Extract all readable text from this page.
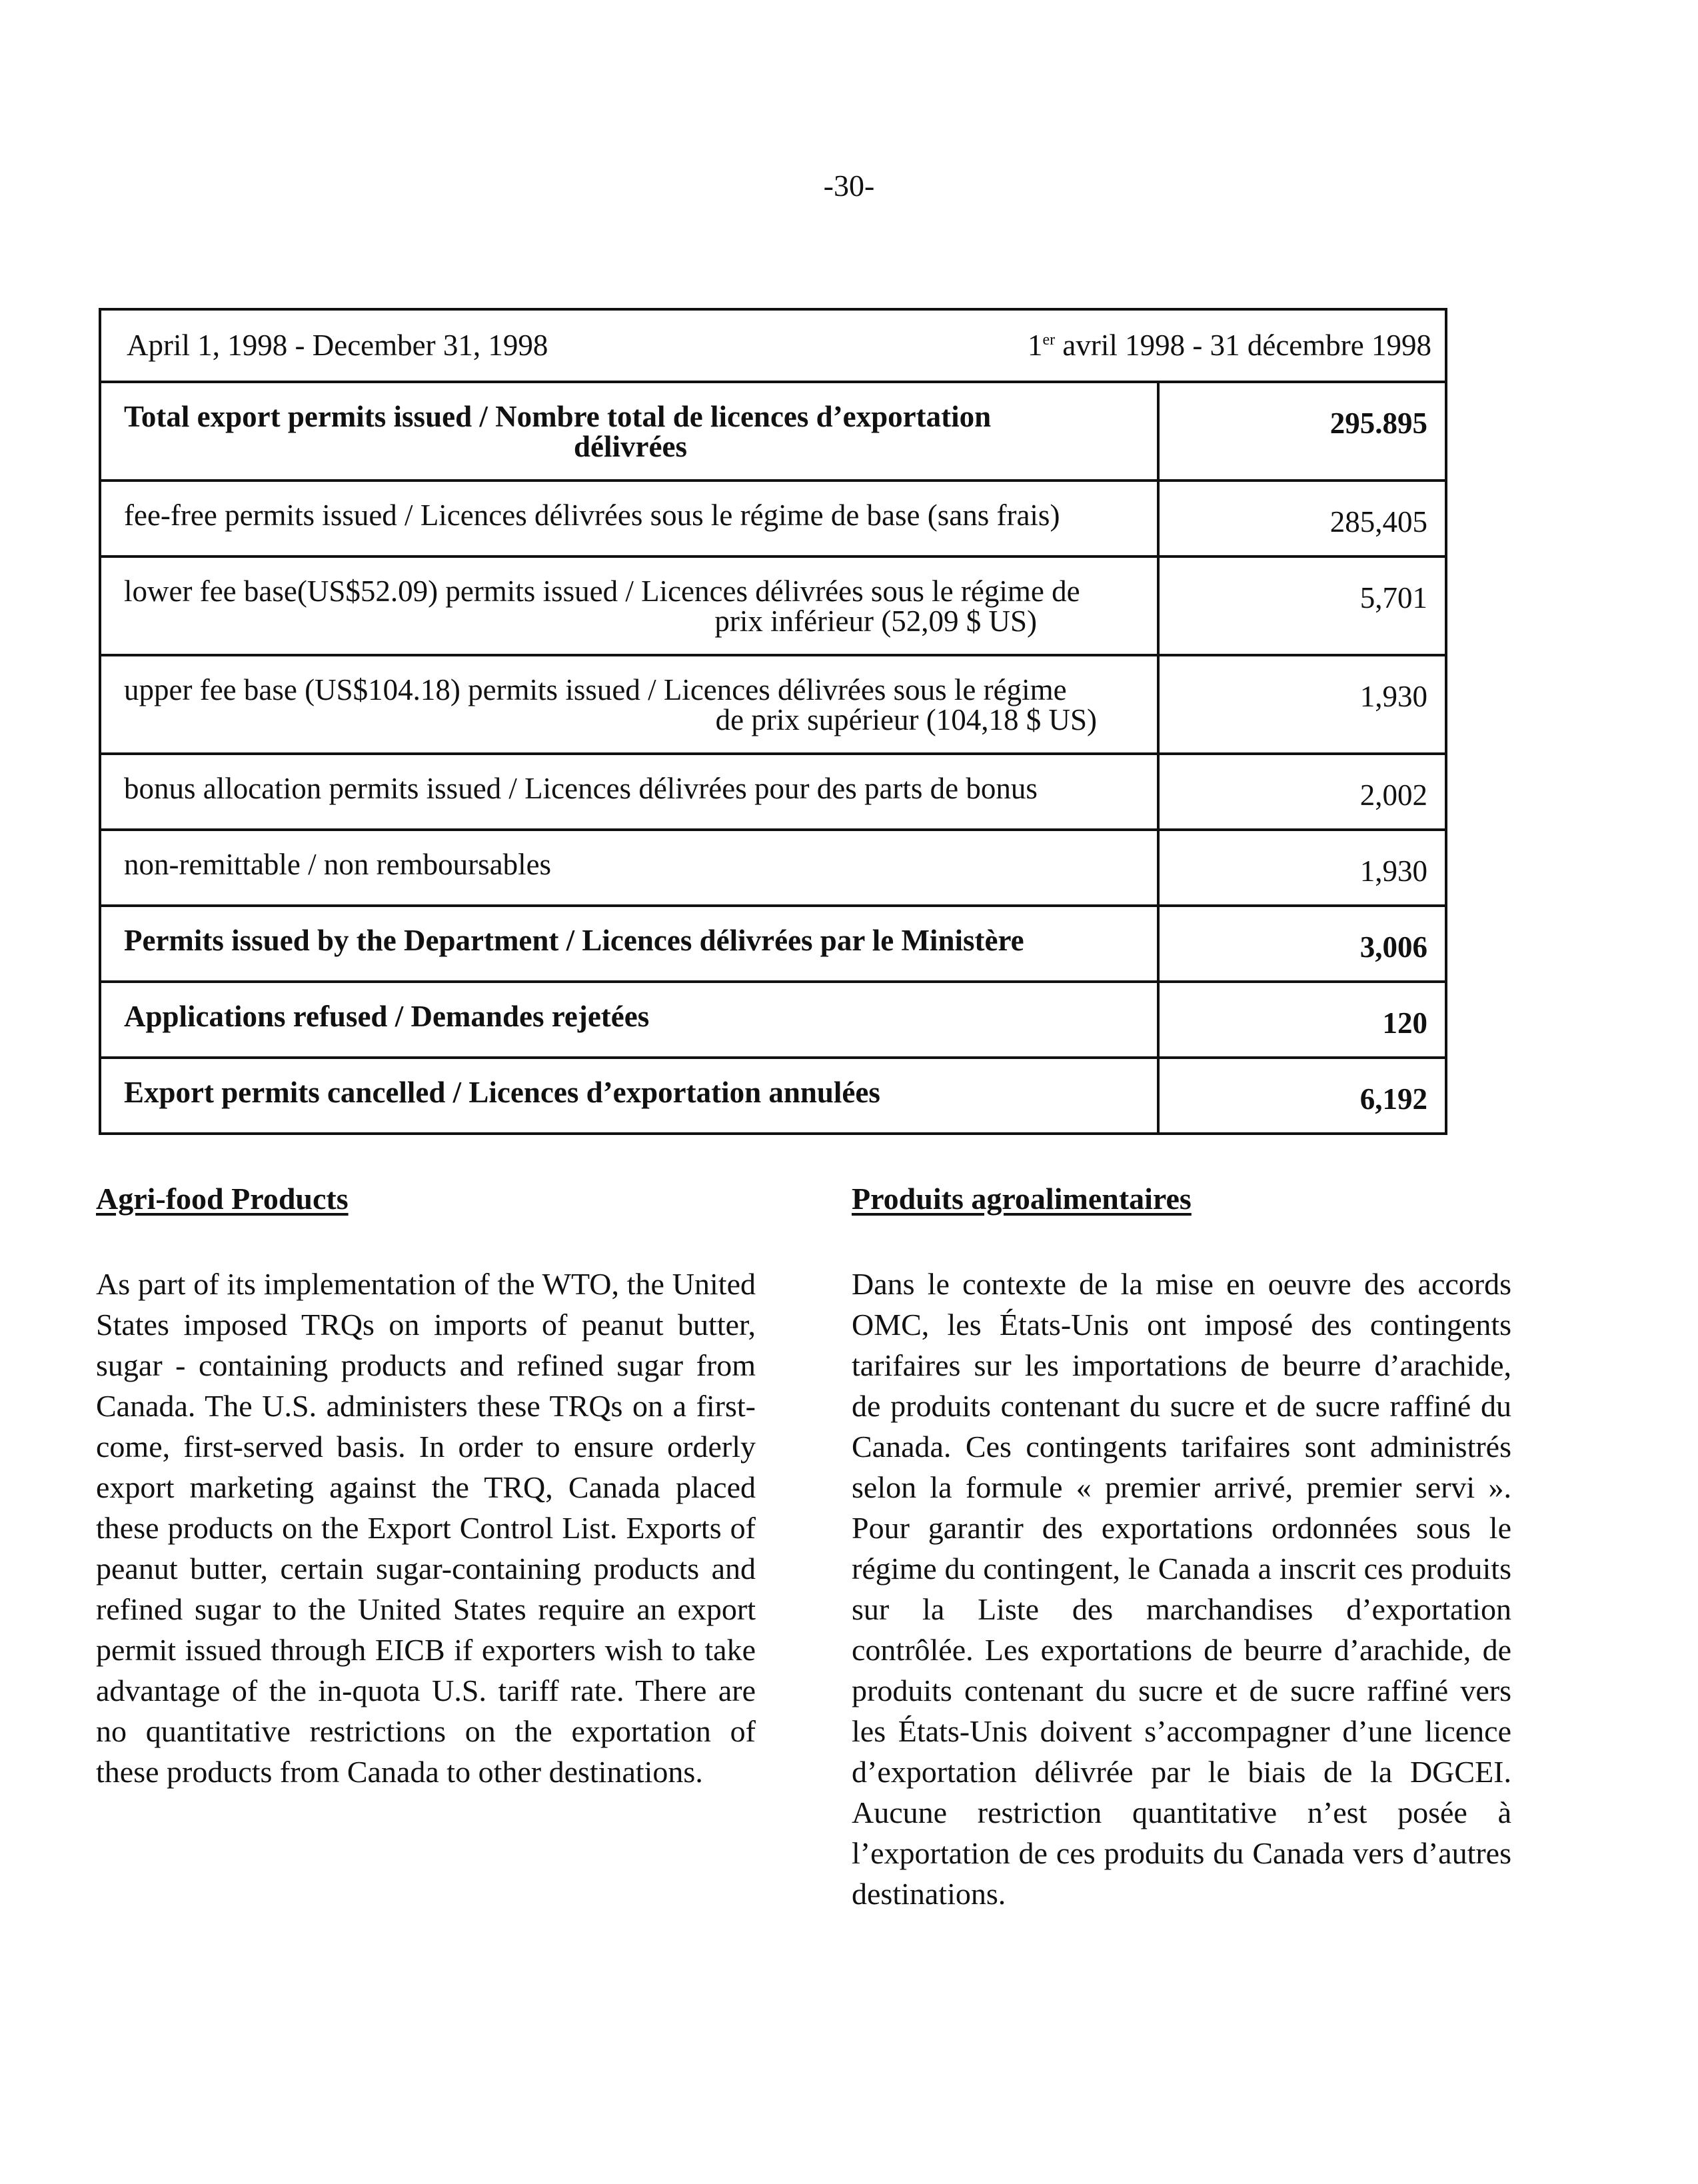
-30-
April 1, 1998 - December 31, 1998 1er avril 1998 - 31 décembre 1998	

Total export permits issued / Nombre total de licences d’exportation
délivrées	295.895

fee-free permits issued / Licences délivrées sous le régime de base (sans frais)	285,405

lower fee base(US$52.09) permits issued / Licences délivrées sous le régime de
prix inférieur (52,09 $ US)	5,701

upper fee base (US$104.18) permits issued / Licences délivrées sous le régime
de prix supérieur (104,18 $ US)	1,930

bonus allocation permits issued / Licences délivrées pour des parts de bonus	2,002

non-remittable / non remboursables	1,930

Permits issued by the Department / Licences délivrées par le Ministère	3,006

Applications refused / Demandes rejetées	120

Export permits cancelled / Licences d’exportation annulées	6,192
Agri-food Products	Produits agroalimentaires
As part of its implementation of the WTO, the United States imposed TRQs on imports of peanut butter, sugar - containing products and refined sugar from Canada. The U.S. administers these TRQs on a first-come, first-served basis. In order to ensure orderly export marketing against the TRQ, Canada placed these products on the Export Control List. Exports of peanut butter, certain sugar-containing products and refined sugar to the United States require an export permit issued through EICB if exporters wish to take advantage of the in-quota U.S. tariff rate. There are no quantitative restrictions on the exportation of these products from Canada to other destinations.
Dans le contexte de la mise en oeuvre des accords OMC, les États-Unis ont imposé des contingents tarifaires sur les importations de beurre d’arachide, de produits contenant du sucre et de sucre raffiné du Canada. Ces contingents tarifaires sont administrés selon la formule « premier arrivé, premier servi ». Pour garantir des exportations ordonnées sous le régime du contingent, le Canada a inscrit ces produits sur la Liste des marchandises d’exportation contrôlée. Les exportations de beurre d’arachide, de produits contenant du sucre et de sucre raffiné vers les États-Unis doivent s’accompagner d’une licence d’exportation délivrée par le biais de la DGCEI. Aucune restriction quantitative n’est posée à l’exportation de ces produits du Canada vers d’autres destinations.
